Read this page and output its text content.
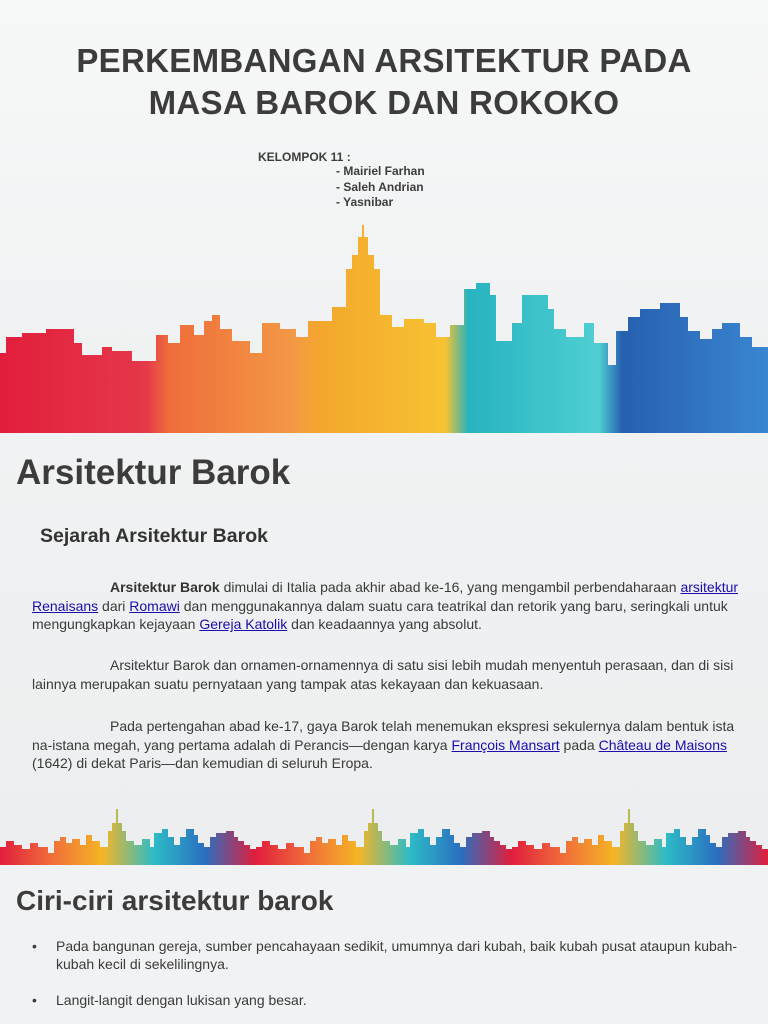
PERKEMBANGAN ARSITEKTUR PADA
MASA BAROK DAN ROKOKO
KELOMPOK 11 :
- Mairiel Farhan
- Saleh Andrian
- Yasnibar
Arsitektur Barok
Sejarah Arsitektur Barok

Arsitektur Barok dimulai di Italia pada akhir abad ke-16, yang mengambil perbendaharaan arsitektur Renaisans dari Romawi dan menggunakannya dalam suatu cara teatrikal dan retorik yang baru, seringkali untuk mengungkapkan kejayaan Gereja Katolik dan keadaannya yang absolut.

Arsitektur Barok dan ornamen-ornamennya di satu sisi lebih mudah menyentuh perasaan, dan di sisi lainnya merupakan suatu pernyataan yang tampak atas kekayaan dan kekuasaan.

Pada pertengahan abad ke-17, gaya Barok telah menemukan ekspresi sekulernya dalam bentuk istana-istana megah, yang pertama adalah di Perancis—dengan karya François Mansart pada Château de Maisons (1642) di dekat Paris—dan kemudian di seluruh Eropa.

Ciri-ciri arsitektur barok
• Pada bangunan gereja, sumber pencahayaan sedikit, umumnya dari kubah, baik kubah pusat ataupun kubah-kubah kecil di sekelilingnya.
• Langit-langit dengan lukisan yang besar.
